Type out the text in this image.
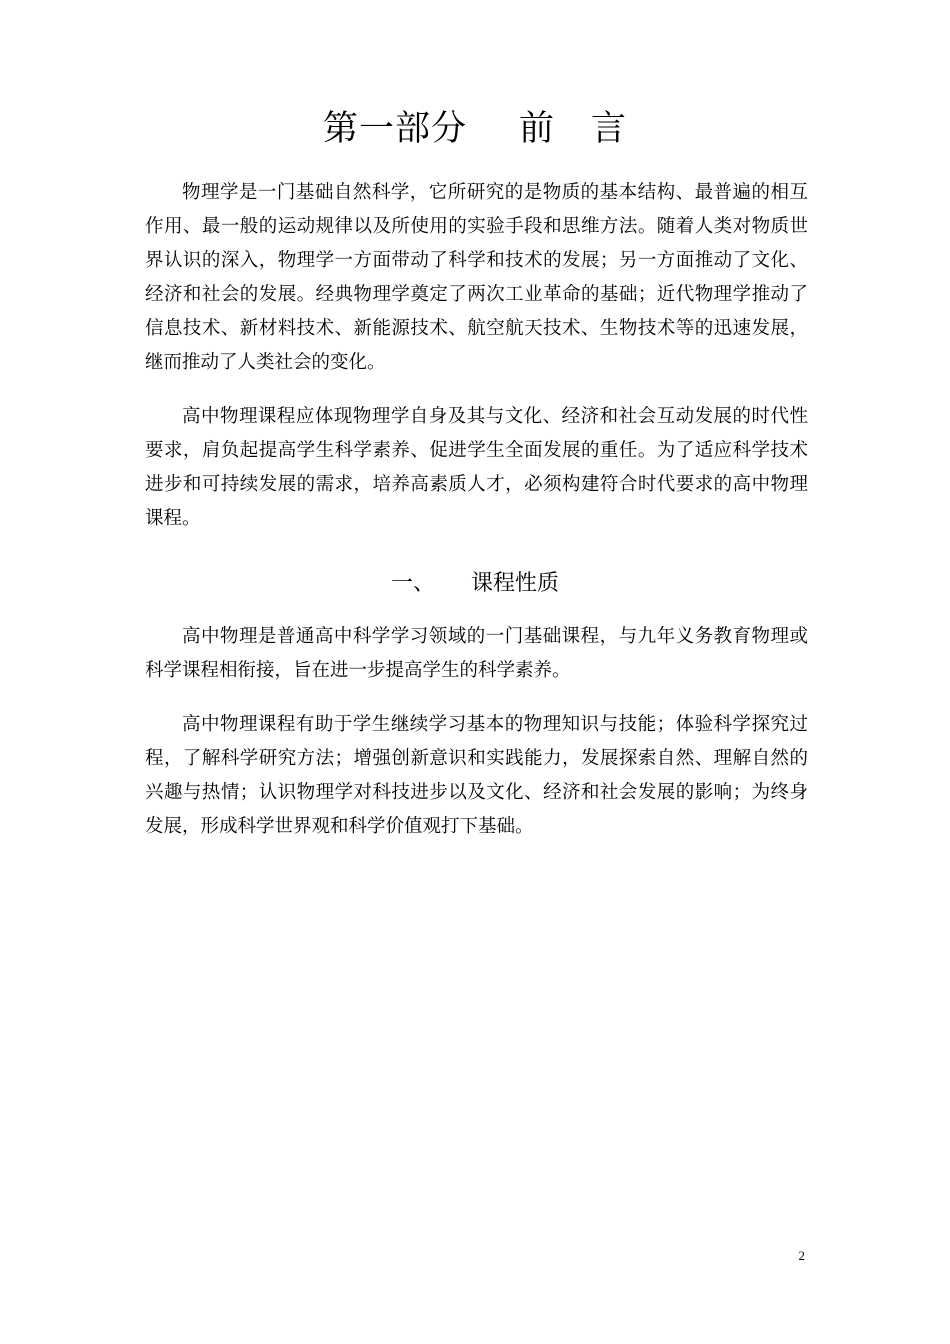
第一部分 前　言

物理学是一门基础自然科学，它所研究的是物质的基本结构、最普遍的相互作用、最一般的运动规律以及所使用的实验手段和思维方法。随着人类对物质世界认识的深入，物理学一方面带动了科学和技术的发展；另一方面推动了文化、经济和社会的发展。经典物理学奠定了两次工业革命的基础；近代物理学推动了信息技术、新材料技术、新能源技术、航空航天技术、生物技术等的迅速发展，继而推动了人类社会的变化。

高中物理课程应体现物理学自身及其与文化、经济和社会互动发展的时代性要求，肩负起提高学生科学素养、促进学生全面发展的重任。为了适应科学技术进步和可持续发展的需求，培养高素质人才，必须构建符合时代要求的高中物理课程。

一、 课程性质

高中物理是普通高中科学学习领域的一门基础课程，与九年义务教育物理或科学课程相衔接，旨在进一步提高学生的科学素养。

高中物理课程有助于学生继续学习基本的物理知识与技能；体验科学探究过程，了解科学研究方法；增强创新意识和实践能力，发展探索自然、理解自然的兴趣与热情；认识物理学对科技进步以及文化、经济和社会发展的影响；为终身发展，形成科学世界观和科学价值观打下基础。

2
